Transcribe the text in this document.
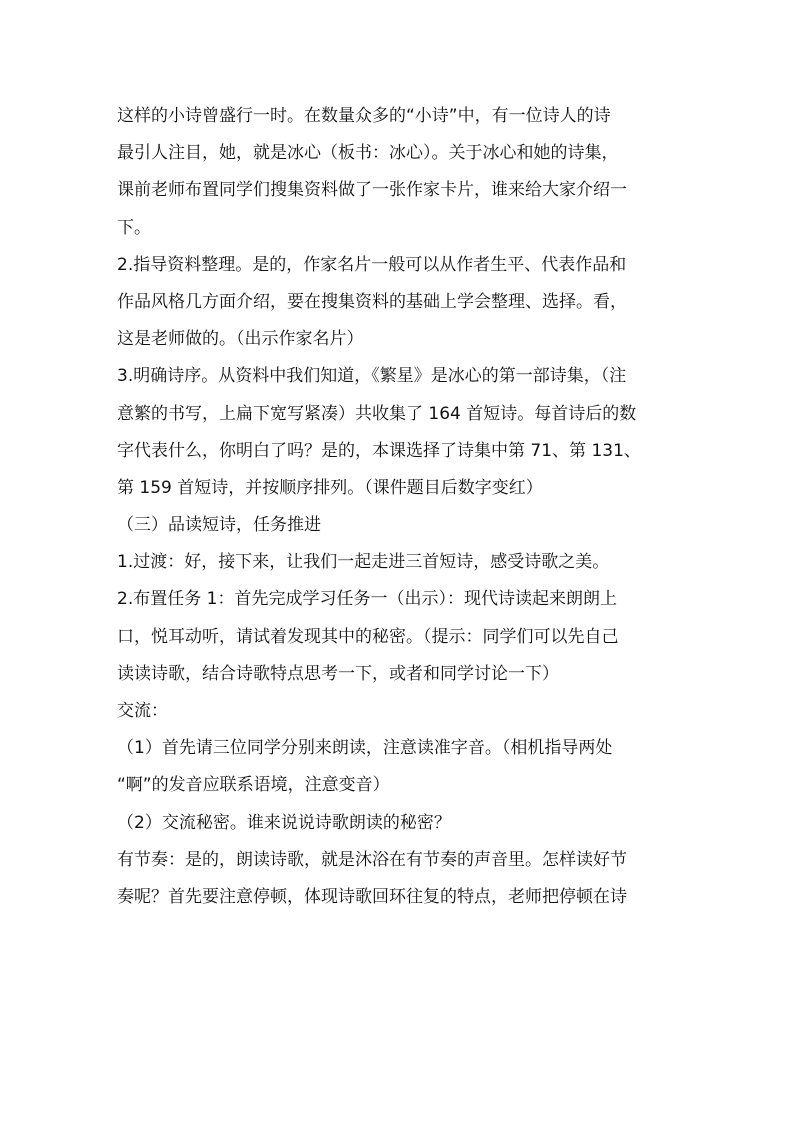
这样的小诗曾盛行一时。在数量众多的“小诗”中，有一位诗人的诗
最引人注目，她，就是冰心（板书：冰心）。关于冰心和她的诗集，
课前老师布置同学们搜集资料做了一张作家卡片，谁来给大家介绍一
下。
2.指导资料整理。是的，作家名片一般可以从作者生平、代表作品和
作品风格几方面介绍，要在搜集资料的基础上学会整理、选择。看，
这是老师做的。（出示作家名片）
3.明确诗序。从资料中我们知道，《繁星》是冰心的第一部诗集，（注
意繁的书写，上扁下宽写紧凑）共收集了 164 首短诗。每首诗后的数
字代表什么，你明白了吗？是的，本课选择了诗集中第 71、第 131、
第 159 首短诗，并按顺序排列。（课件题目后数字变红）
（三）品读短诗，任务推进
1.过渡：好，接下来，让我们一起走进三首短诗，感受诗歌之美。
2.布置任务 1：首先完成学习任务一（出示）：现代诗读起来朗朗上
口，悦耳动听，请试着发现其中的秘密。（提示：同学们可以先自己
读读诗歌，结合诗歌特点思考一下，或者和同学讨论一下）
交流：
（1）首先请三位同学分别来朗读，注意读准字音。（相机指导两处
“啊”的发音应联系语境，注意变音）
（2）交流秘密。谁来说说诗歌朗读的秘密？
有节奏：是的，朗读诗歌，就是沐浴在有节奏的声音里。怎样读好节
奏呢？首先要注意停顿，体现诗歌回环往复的特点，老师把停顿在诗
